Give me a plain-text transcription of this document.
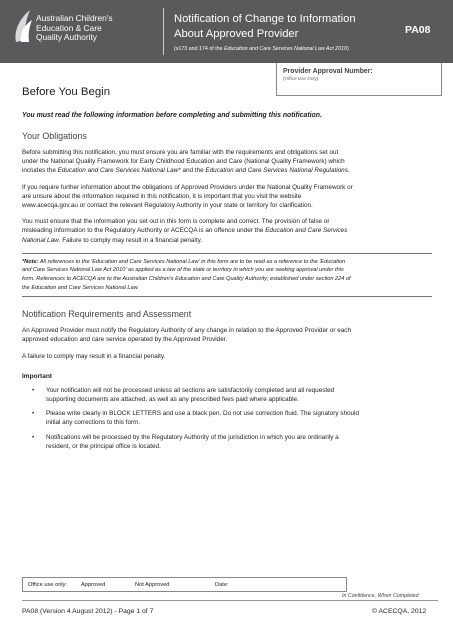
Australian Children's
Education & Care
Quality Authority
Notification of Change to Information
About Approved Provider
(s173 and 174 of the Education and Care Services National Law Act 2010)
PA08
Provider Approval Number:
(Office Use Only)
Before You Begin
You must read the following information before completing and submitting this notification.
Your Obligations

Before submitting this notification, you must ensure you are familiar with the requirements and obligations set out
under the National Quality Framework for Early Childhood Education and Care (National Quality Framework) which
includes the Education and Care Services National Law* and the Education and Care Services National Regulations.

If you require further information about the obligations of Approved Providers under the National Quality Framework or
are unsure about the information required in this notification, it is important that you visit the website
www.acecqa.gov.au or contact the relevant Regulatory Authority in your state or territory for clarification.

You must ensure that the information you set out in this form is complete and correct. The provision of false or
misleading information to the Regulatory Authority or ACECQA is an offence under the Education and Care Services
National Law. Failure to comply may result in a financial penalty.

*Note: All references to the 'Education and Care Services National Law' in this form are to be read as a reference to the 'Education
and Care Services National Law Act 2010' as applied as a law of the state or territory in which you are seeking approval under this
form. References to ACECQA are to the Australian Children's Education and Care Quality Authority; established under section 224 of
the Education and Care Services National Law.
Notification Requirements and Assessment

An Approved Provider must notify the Regulatory Authority of any change in relation to the Approved Provider or each
approved education and care service operated by the Approved Provider.

A failure to comply may result in a financial penalty.

Important
• Your notification will not be processed unless all sections are satisfactorily completed and all requested
supporting documents are attached, as well as any prescribed fees paid where applicable.
• Please write clearly in BLOCK LETTERS and use a black pen. Do not use correction fluid. The signatory should
initial any corrections to this form.
• Notifications will be processed by the Regulatory Authority of the jurisdiction in which you are ordinarily a
resident, or the principal office is located.
Office use only: Approved	Not Approved	Date:
In Confidence, When Completed
PA08 (Version 4 August 2012) - Page 1 of 7	© ACECQA, 2012
